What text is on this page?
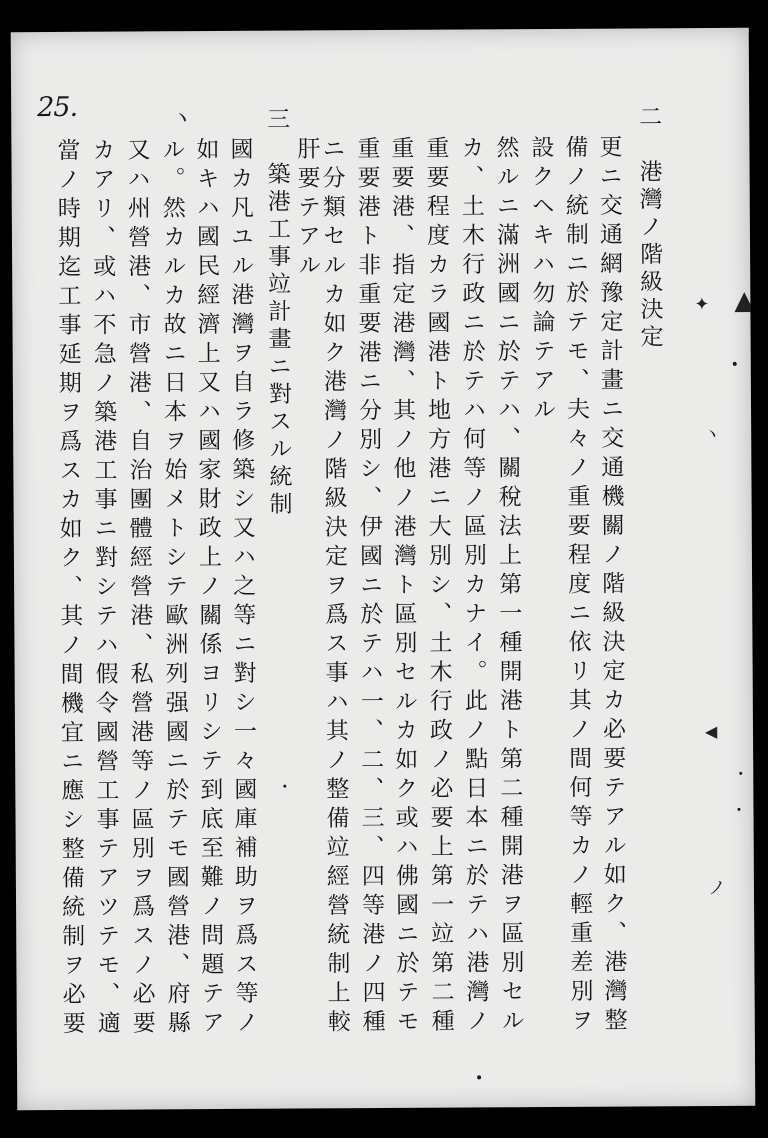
25.	二　港灣ノ階級決定
更ニ交通網豫定計畫ニ交通機關ノ階級決定カ必要テアル如ク、港灣整
備ノ統制ニ於テモ、夫々ノ重要程度ニ依リ其ノ間何等カノ輕重差別ヲ
設クヘキハ勿論テアル
然ルニ滿洲國ニ於テハ、關稅法上第一種開港ト第二種開港ヲ區別セル
カ、土木行政ニ於テハ何等ノ區別カナイ。此ノ點日本ニ於テハ港灣ノ
重要程度カラ國港ト地方港ニ大別シ、土木行政ノ必要上第一竝第二種
重要港、指定港灣、其ノ他ノ港灣ト區別セルカ如ク或ハ佛國ニ於テモ
重要港ト非重要港ニ分別シ、伊國ニ於テハ一、二、三、四等港ノ四種
ニ分類セルカ如ク港灣ノ階級決定ヲ爲ス事ハ其ノ整備竝經營統制上較
肝要テアル
三　築港工事竝計畫ニ對スル統制
國カ凡ユル港灣ヲ自ラ修築シ又ハ之等ニ對シ一々國庫補助ヲ爲ス等ノ
如キハ國民經濟上又ハ國家財政上ノ關係ヨリシテ到底至難ノ問題テア
ル。然カルカ故ニ日本ヲ始メトシテ歐洲列强國ニ於テモ國營港、府縣
又ハ州營港、市營港、自治團體經營港、私營港等ノ區別ヲ爲スノ必要
カアリ、或ハ不急ノ築港工事ニ對シテハ假令國營工事テアツテモ、適
當ノ時期迄工事延期ヲ爲スカ如ク、其ノ間機宜ニ應シ整備統制ヲ必要
ヽ
✦ ▲
ヽ
◀
ノ
